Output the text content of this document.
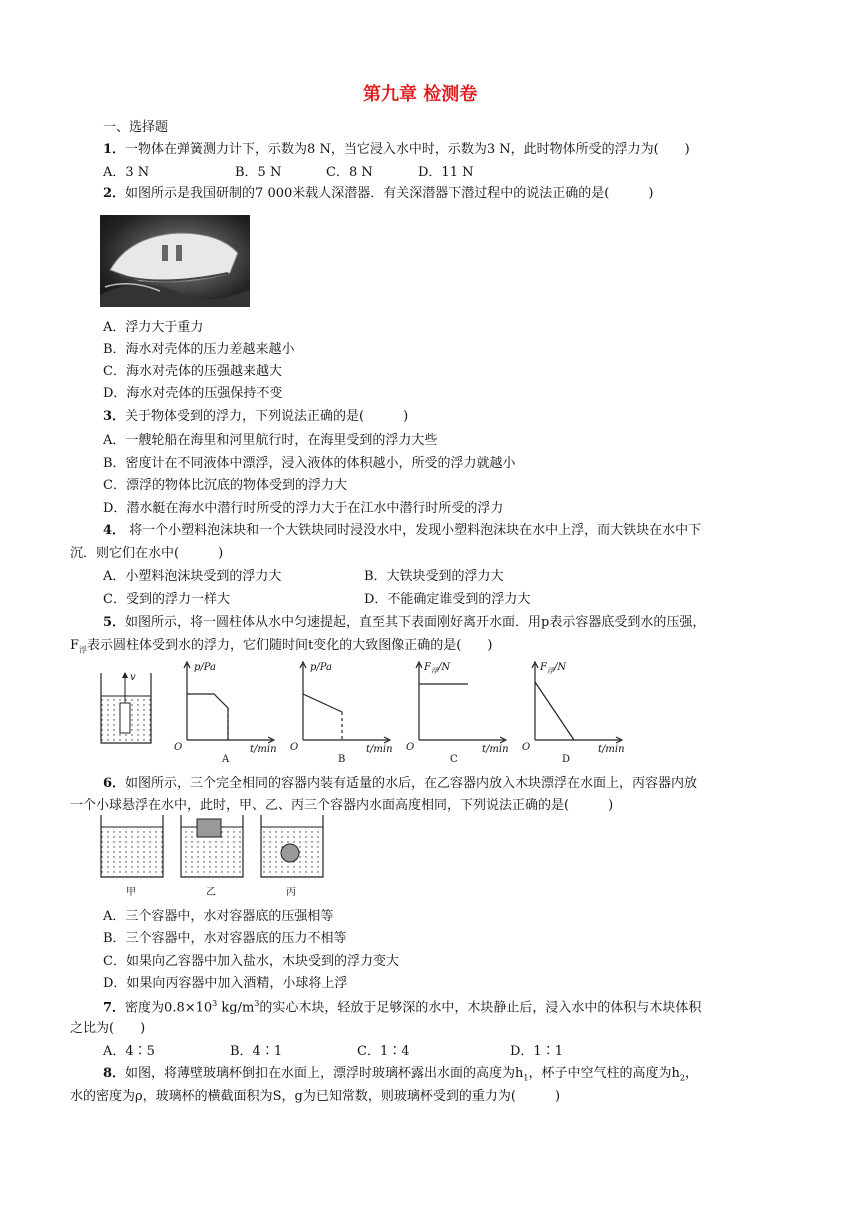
第九章 检测卷
一、选择题
1．一物体在弹簧测力计下，示数为8 N，当它浸入水中时，示数为3 N，此时物体所受的浮力为(　　)
A．3 N	B．5 N	C．8 N	D．11 N
2．如图所示是我国研制的7 000米载人深潜器．有关深潜器下潜过程中的说法正确的是(　　　)
A．浮力大于重力
B．海水对壳体的压力差越来越小
C．海水对壳体的压强越来越大
D．海水对壳体的压强保持不变
3．关于物体受到的浮力，下列说法正确的是(　　　)
A．一艘轮船在海里和河里航行时，在海里受到的浮力大些
B．密度计在不同液体中漂浮，浸入液体的体积越小，所受的浮力就越小
C．漂浮的物体比沉底的物体受到的浮力大
D．潜水艇在海水中潜行时所受的浮力大于在江水中潜行时所受的浮力
4． 将一个小塑料泡沫块和一个大铁块同时浸没水中，发现小塑料泡沫块在水中上浮，而大铁块在水中下
沉．则它们在水中(　　　)
A．小塑料泡沫块受到的浮力大	B．大铁块受到的浮力大
C．受到的浮力一样大	D．不能确定谁受到的浮力大
5．如图所示，将一圆柱体从水中匀速提起，直至其下表面刚好离开水面．用p表示容器底受到水的压强，
$F_浮$表示圆柱体受到水的浮力，它们随时间t变化的大致图像正确的是(　　)
v
p/Pa
O	t/min
A
p/Pa
O	t/min
B
$F_浮/N$
O	t/min
C
$F_浮/N$
O	t/min
D
6．如图所示，三个完全相同的容器内装有适量的水后，在乙容器内放入木块漂浮在水面上，丙容器内放
一个小球悬浮在水中，此时，甲、乙、丙三个容器内水面高度相同，下列说法正确的是(　　　)
甲	乙	丙
A．三个容器中，水对容器底的压强相等
B．三个容器中，水对容器底的压力不相等
C．如果向乙容器中加入盐水，木块受到的浮力变大
D．如果向丙容器中加入酒精，小球将上浮
7．密度为$0.8\times 10^3$ $kg/m^3$的实心木块，轻放于足够深的水中，木块静止后，浸入水中的体积与木块体积
之比为(　　)
A．4∶5	B．4∶1	C．1∶4	D．1∶1
8．如图，将薄壁玻璃杯倒扣在水面上，漂浮时玻璃杯露出水面的高度为$h_1$，杯子中空气柱的高度为$h_2$，
水的密度为ρ，玻璃杯的横截面积为S，g为已知常数，则玻璃杯受到的重力为(　　　)
